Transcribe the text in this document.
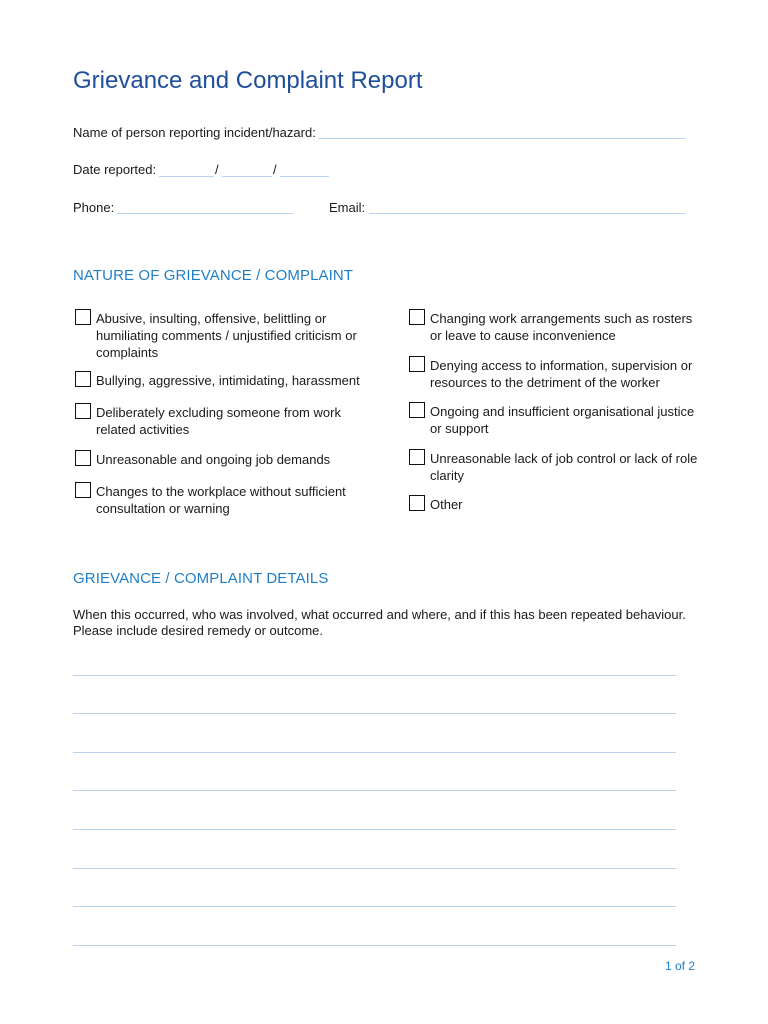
Grievance and Complaint Report
Name of person reporting incident/hazard:
Date reported:	/	/
Phone:	Email:
NATURE OF GRIEVANCE / COMPLAINT
Abusive, insulting, offensive, belittling or
humiliating comments / unjustified criticism or
complaints
Bullying, aggressive, intimidating, harassment
Deliberately excluding someone from work
related activities
Unreasonable and ongoing job demands
Changes to the workplace without sufficient
consultation or warning
Changing work arrangements such as rosters
or leave to cause inconvenience
Denying access to information, supervision or
resources to the detriment of the worker
Ongoing and insufficient organisational justice
or support
Unreasonable lack of job control or lack of role
clarity
Other
GRIEVANCE / COMPLAINT DETAILS
When this occurred, who was involved, what occurred and where, and if this has been repeated behaviour.
Please include desired remedy or outcome.
1 of 2
